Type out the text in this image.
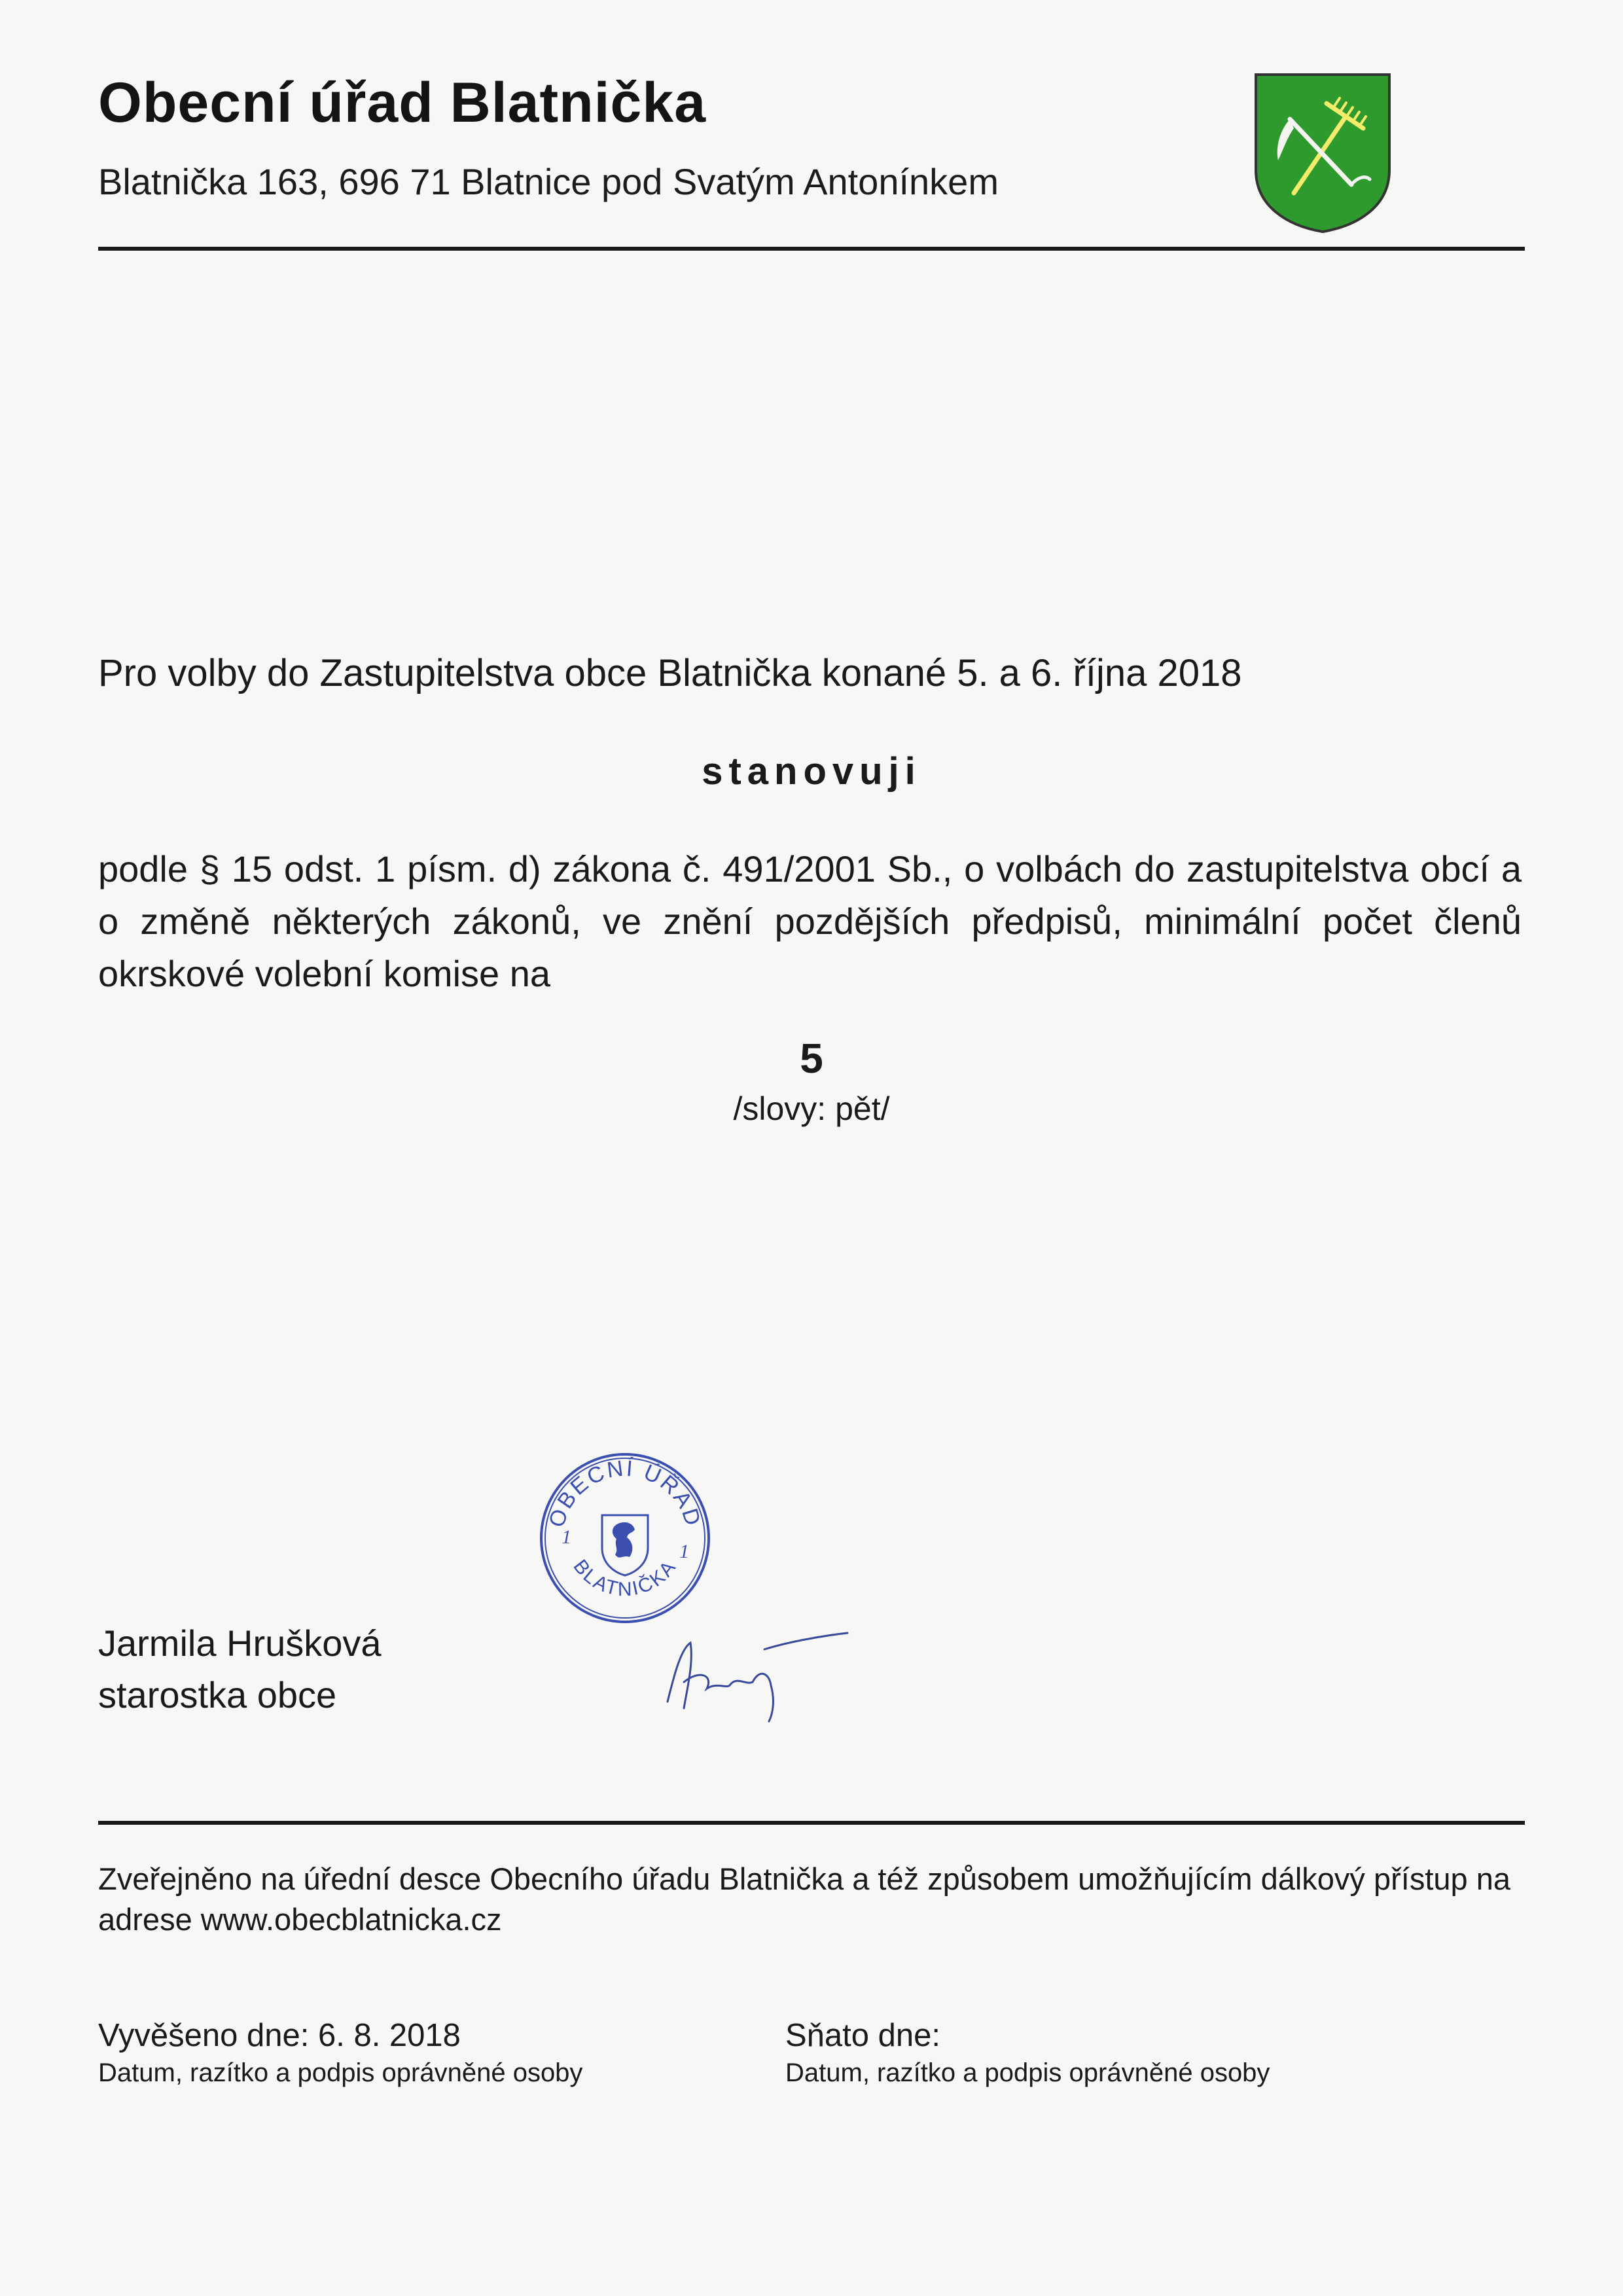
Obecní úřad Blatnička
Blatnička 163, 696 71 Blatnice pod Svatým Antonínkem
Pro volby do Zastupitelstva obce Blatnička konané 5. a 6. října 2018
stanovuji
podle § 15 odst. 1 písm. d) zákona č. 491/2001 Sb., o volbách do zastupitelstva obcí a o změně některých zákonů, ve znění pozdějších předpisů, minimální počet členů okrskové volební komise na
5
/slovy: pět/
OBECNÍ ÚŘAD
BLATNIČKA
1
1
Jarmila Hrušková
starostka obce
Zveřejněno na úřední desce Obecního úřadu Blatnička a též způsobem umožňujícím dálkový přístup na adrese www.obecblatnicka.cz
Vyvěšeno dne: 6. 8. 2018
Datum, razítko a podpis oprávněné osoby
Sňato dne:
Datum, razítko a podpis oprávněné osoby
